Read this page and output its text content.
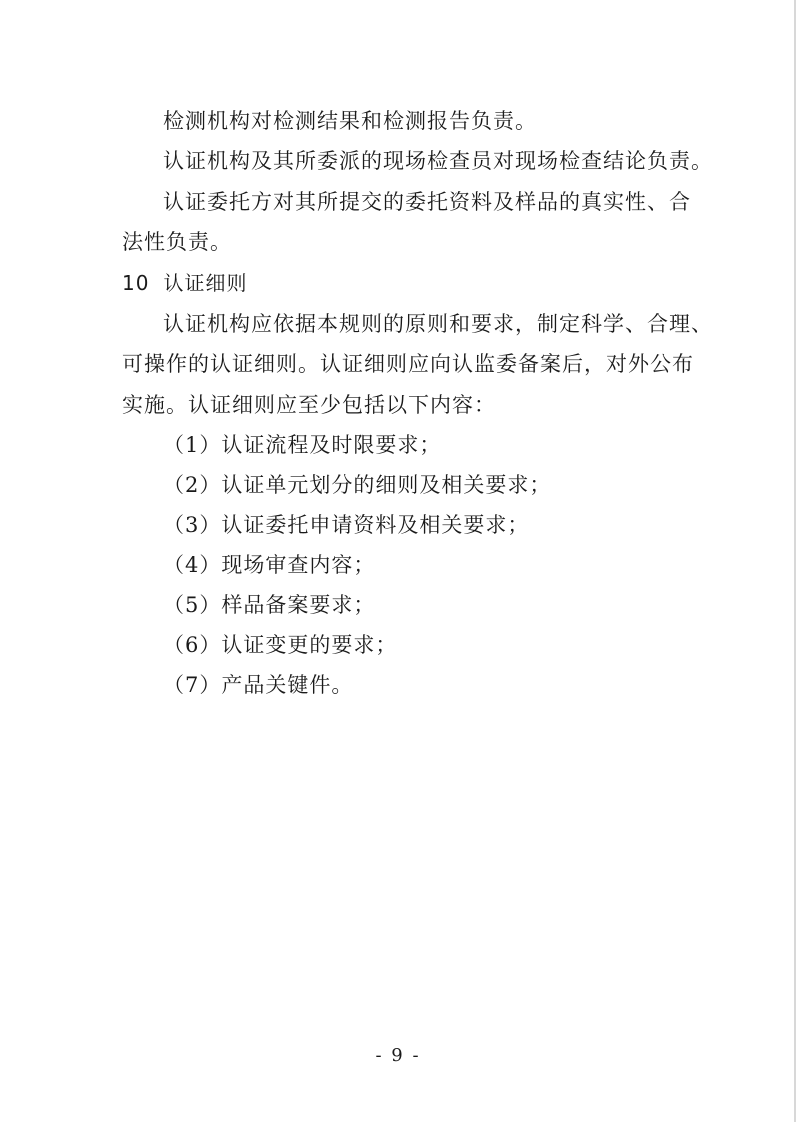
检测机构对检测结果和检测报告负责。
认证机构及其所委派的现场检查员对现场检查结论负责。
认证委托方对其所提交的委托资料及样品的真实性、合
法性负责。
10 认证细则
认证机构应依据本规则的原则和要求，制定科学、合理、
可操作的认证细则。认证细则应向认监委备案后，对外公布
实施。认证细则应至少包括以下内容：
（1）认证流程及时限要求；
（2）认证单元划分的细则及相关要求；
（3）认证委托申请资料及相关要求；
（4）现场审查内容；
（5）样品备案要求；
（6）认证变更的要求；
（7）产品关键件。
- 9 -
